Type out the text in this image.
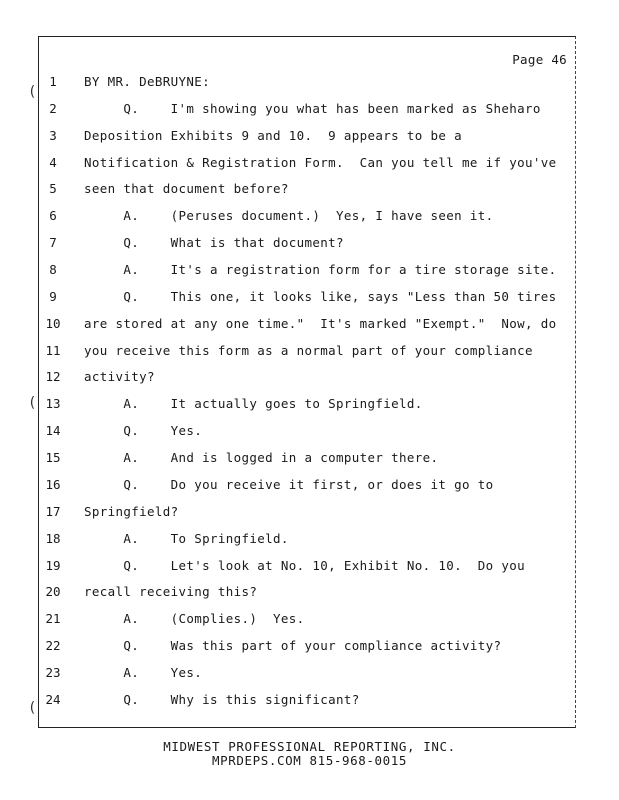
Page 46
(
(
(
1	BY MR. DeBRUYNE:
2	Q.    I'm showing you what has been marked as Sheharo
3	Deposition Exhibits 9 and 10.  9 appears to be a
4	Notification & Registration Form.  Can you tell me if you've
5	seen that document before?
6	A.    (Peruses document.)  Yes, I have seen it.
7	Q.    What is that document?
8	A.    It's a registration form for a tire storage site.
9	Q.    This one, it looks like, says "Less than 50 tires
10	are stored at any one time."  It's marked "Exempt."  Now, do
11	you receive this form as a normal part of your compliance
12	activity?
13	A.    It actually goes to Springfield.
14	Q.    Yes.
15	A.    And is logged in a computer there.
16	Q.    Do you receive it first, or does it go to
17	Springfield?
18	A.    To Springfield.
19	Q.    Let's look at No. 10, Exhibit No. 10.  Do you
20	recall receiving this?
21	A.    (Complies.)  Yes.
22	Q.    Was this part of your compliance activity?
23	A.    Yes.
24	Q.    Why is this significant?
MIDWEST PROFESSIONAL REPORTING, INC.
MPRDEPS.COM 815-968-0015
